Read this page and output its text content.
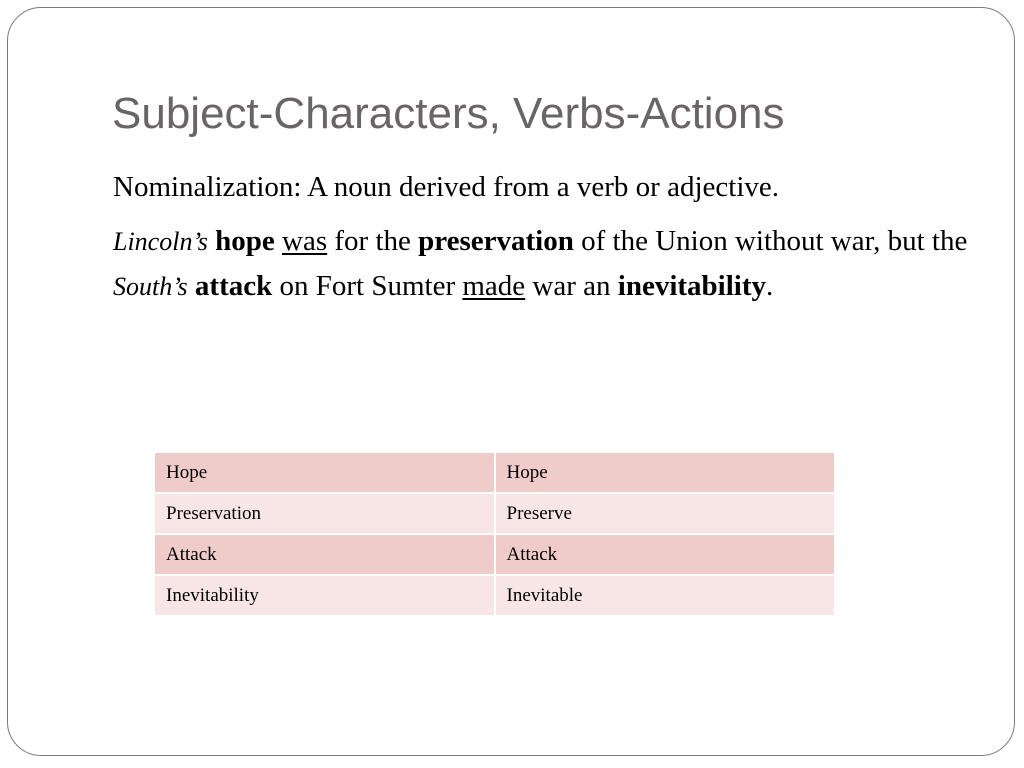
Subject-Characters, Verbs-Actions
Nominalization: A noun derived from a verb or adjective.
Lincoln’s hope was for the preservation of the Union without war, but the South’s attack on Fort Sumter made war an inevitability.
Hope	Hope
Preservation	Preserve
Attack	Attack
Inevitability	Inevitable
